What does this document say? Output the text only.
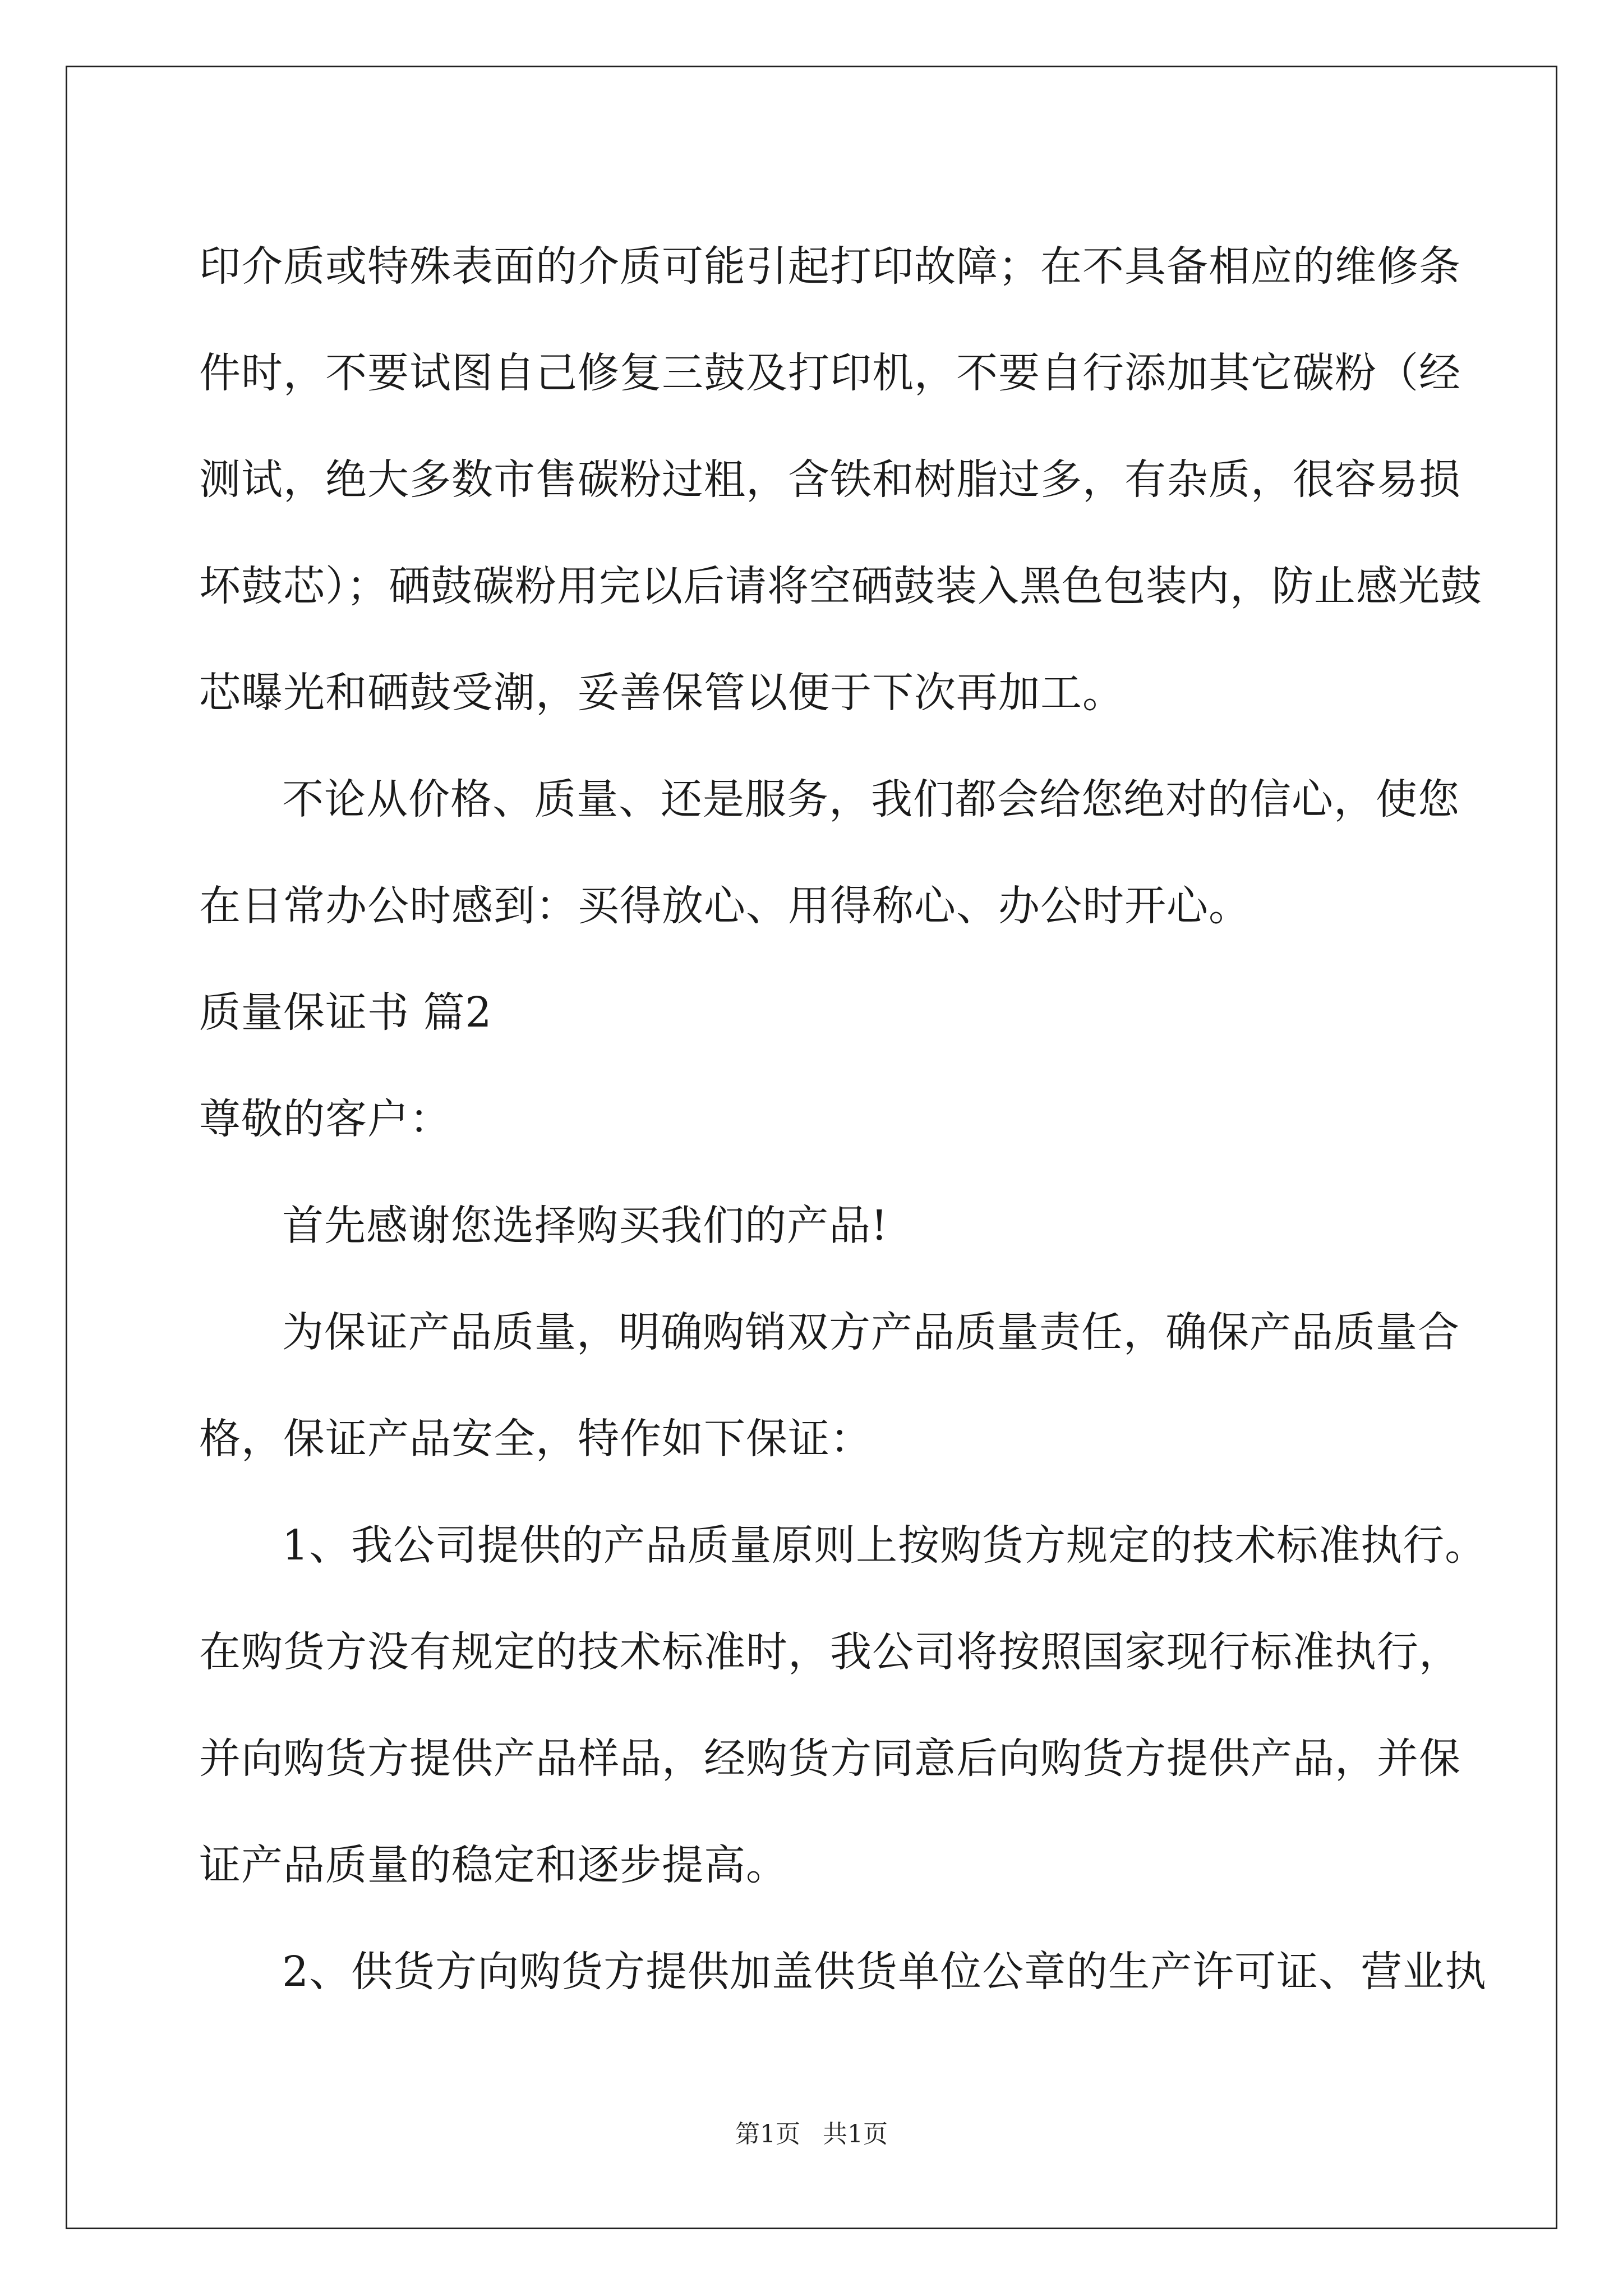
印介质或特殊表面的介质可能引起打印故障；在不具备相应的维修条
件时，不要试图自己修复三鼓及打印机，不要自行添加其它碳粉（经
测试，绝大多数市售碳粉过粗，含铁和树脂过多，有杂质，很容易损
坏鼓芯）；硒鼓碳粉用完以后请将空硒鼓装入黑色包装内，防止感光鼓
芯曝光和硒鼓受潮，妥善保管以便于下次再加工。
不论从价格、质量、还是服务，我们都会给您绝对的信心，使您
在日常办公时感到：买得放心、用得称心、办公时开心。
质量保证书 篇2
尊敬的客户：
首先感谢您选择购买我们的产品!
为保证产品质量，明确购销双方产品质量责任，确保产品质量合
格，保证产品安全，特作如下保证：
1、我公司提供的产品质量原则上按购货方规定的技术标准执行。
在购货方没有规定的技术标准时，我公司将按照国家现行标准执行，
并向购货方提供产品样品，经购货方同意后向购货方提供产品，并保
证产品质量的稳定和逐步提高。
2、供货方向购货方提供加盖供货单位公章的生产许可证、营业执
第1页 共1页
